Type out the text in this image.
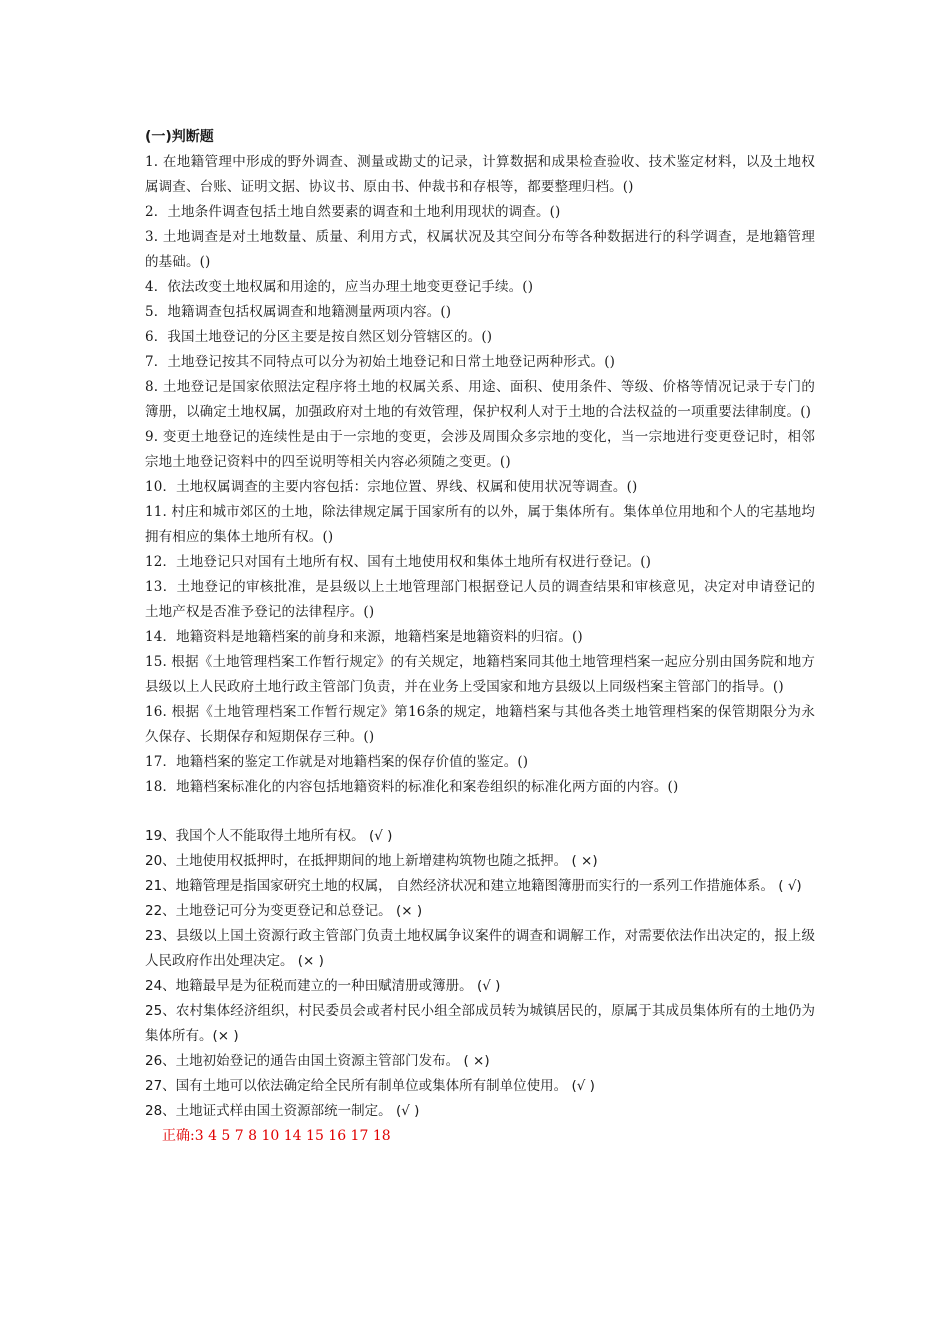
(一)判断题

1. 在地籍管理中形成的野外调查、测量或勘丈的记录，计算数据和成果检查验收、技术鉴定材料，以及土地权属调查、台账、证明文据、协议书、原由书、仲裁书和存根等，都要整理归档。()

2．土地条件调查包括土地自然要素的调查和土地利用现状的调查。()

3. 土地调查是对土地数量、质量、利用方式，权属状况及其空间分布等各种数据进行的科学调查，是地籍管理的基础。()

4．依法改变土地权属和用途的，应当办理土地变更登记手续。()

5．地籍调查包括权属调查和地籍测量两项内容。()

6．我国土地登记的分区主要是按自然区划分管辖区的。()

7．土地登记按其不同特点可以分为初始土地登记和日常土地登记两种形式。()

8. 土地登记是国家依照法定程序将土地的权属关系、用途、面积、使用条件、等级、价格等情况记录于专门的簿册，以确定土地权属，加强政府对土地的有效管理，保护权利人对于土地的合法权益的一项重要法律制度。()

9. 变更土地登记的连续性是由于一宗地的变更，会涉及周围众多宗地的变化，当一宗地进行变更登记时，相邻宗地土地登记资料中的四至说明等相关内容必须随之变更。()

10．土地权属调查的主要内容包括：宗地位置、界线、权属和使用状况等调查。()

11. 村庄和城市郊区的土地，除法律规定属于国家所有的以外，属于集体所有。集体单位用地和个人的宅基地均拥有相应的集体土地所有权。()

12．土地登记只对国有土地所有权、国有土地使用权和集体土地所有权进行登记。()

13．土地登记的审核批准，是县级以上土地管理部门根据登记人员的调查结果和审核意见，决定对申请登记的土地产权是否准予登记的法律程序。()

14．地籍资料是地籍档案的前身和来源，地籍档案是地籍资料的归宿。()

15. 根据《土地管理档案工作暂行规定》的有关规定，地籍档案同其他土地管理档案一起应分别由国务院和地方县级以上人民政府土地行政主管部门负责，并在业务上受国家和地方县级以上同级档案主管部门的指导。()

16. 根据《土地管理档案工作暂行规定》第16条的规定，地籍档案与其他各类土地管理档案的保管期限分为永久保存、长期保存和短期保存三种。()

17．地籍档案的鉴定工作就是对地籍档案的保存价值的鉴定。()

18．地籍档案标准化的内容包括地籍资料的标准化和案卷组织的标准化两方面的内容。()

19、我国个人不能取得土地所有权。 (√ )

20、土地使用权抵押时，在抵押期间的地上新增建构筑物也随之抵押。 ( ×)

21、地籍管理是指国家研究土地的权属， 自然经济状况和建立地籍图簿册而实行的一系列工作措施体系。 ( √)

22、土地登记可分为变更登记和总登记。 (× )

23、县级以上国土资源行政主管部门负责土地权属争议案件的调查和调解工作，对需要依法作出决定的，报上级人民政府作出处理决定。 (× )

24、地籍最早是为征税而建立的一种田赋清册或簿册。 (√ )

25、农村集体经济组织，村民委员会或者村民小组全部成员转为城镇居民的，原属于其成员集体所有的土地仍为集体所有。(× )

26、土地初始登记的通告由国土资源主管部门发布。 ( ×)

27、国有土地可以依法确定给全民所有制单位或集体所有制单位使用。 (√ )

28、土地证式样由国土资源部统一制定。 (√ )

正确:3 4 5 7 8 10 14 15 16 17 18
